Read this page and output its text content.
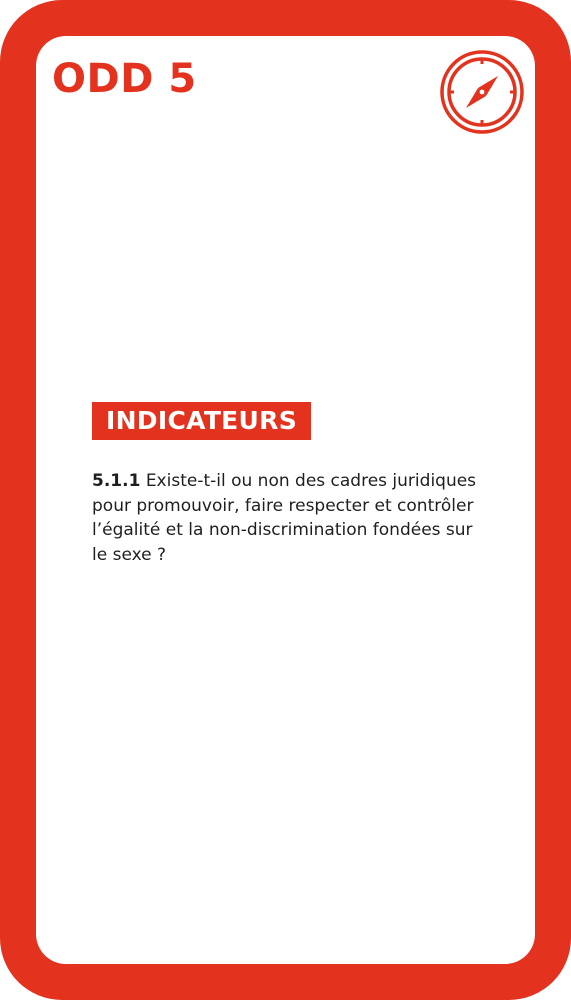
ODD 5
INDICATEURS

5.1.1 Existe-t-il ou non des cadres juridiques pour promouvoir, faire respecter et contrôler l’égalité et la non-discrimination fondées sur le sexe ?
